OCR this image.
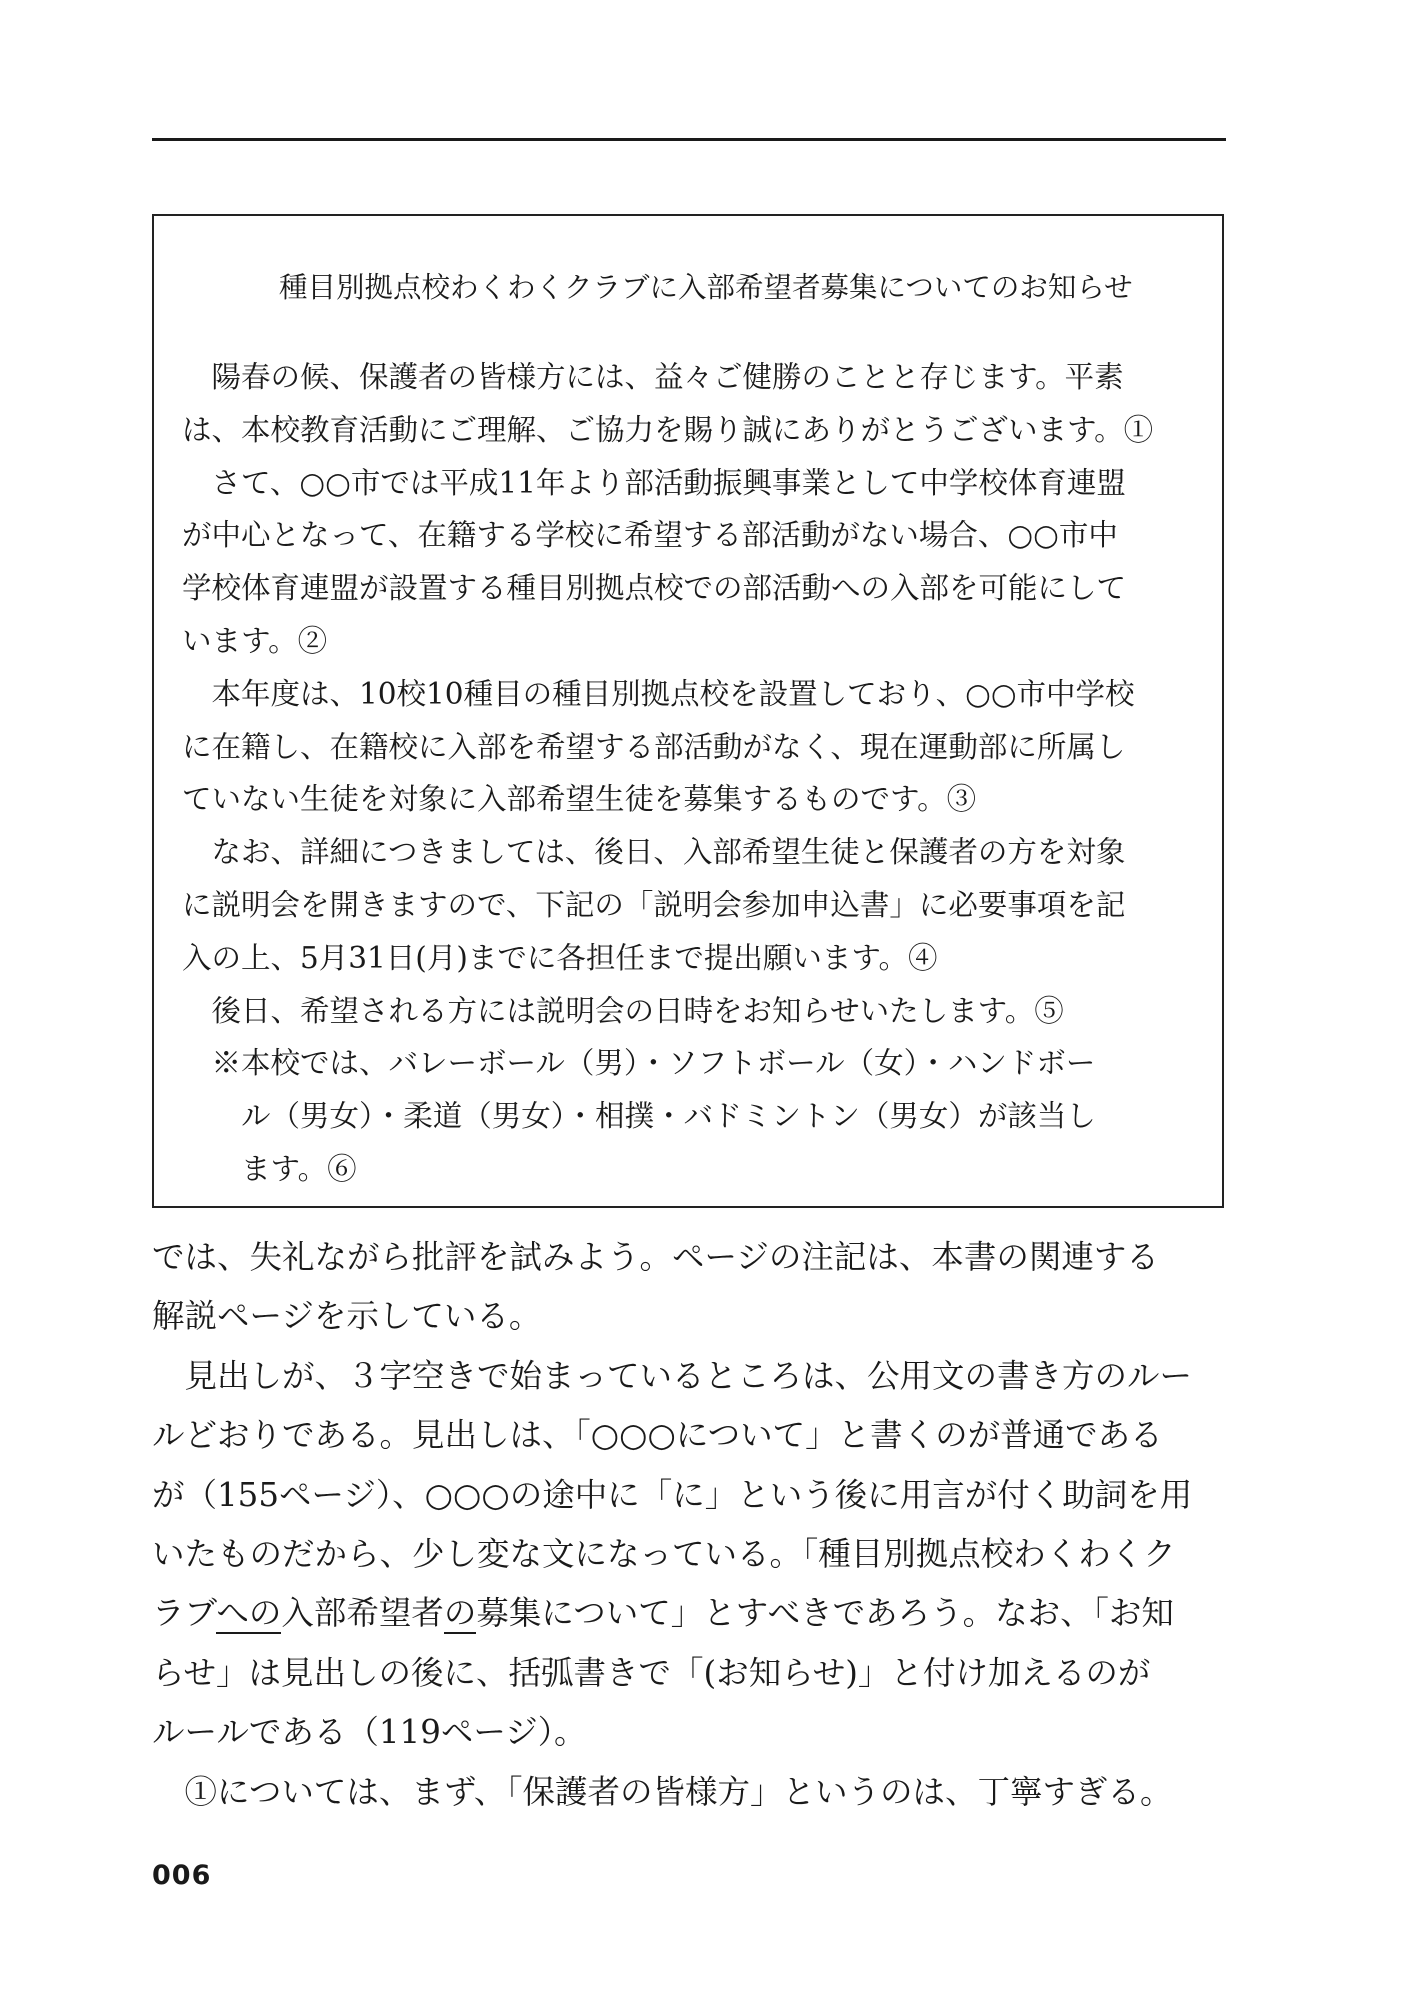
種目別拠点校わくわくクラブに入部希望者募集についてのお知らせ
　陽春の候、保護者の皆様方には、益々ご健勝のことと存じます。平素
は、本校教育活動にご理解、ご協力を賜り誠にありがとうございます。①
　さて、○○市では平成11年より部活動振興事業として中学校体育連盟
が中心となって、在籍する学校に希望する部活動がない場合、○○市中
学校体育連盟が設置する種目別拠点校での部活動への入部を可能にして
います。②
　本年度は、10校10種目の種目別拠点校を設置しており、○○市中学校
に在籍し、在籍校に入部を希望する部活動がなく、現在運動部に所属し
ていない生徒を対象に入部希望生徒を募集するものです。③
　なお、詳細につきましては、後日、入部希望生徒と保護者の方を対象
に説明会を開きますので、下記の「説明会参加申込書」に必要事項を記
入の上、5月31日(月)までに各担任まで提出願います。④
　後日、希望される方には説明会の日時をお知らせいたします。⑤
　※本校では、バレーボール（男）・ソフトボール（女）・ハンドボー
　　ル（男女）・柔道（男女）・相撲・バドミントン（男女）が該当し
　　ます。⑥
では、失礼ながら批評を試みよう。ページの注記は、本書の関連する
解説ページを示している。
　見出しが、３字空きで始まっているところは、公用文の書き方のルー
ルどおりである。見出しは、「○○○について」と書くのが普通である
が（155ページ）、○○○の途中に「に」という後に用言が付く助詞を用
いたものだから、少し変な文になっている。「種目別拠点校わくわくク
ラブへの入部希望者の募集について」とすべきであろう。なお、「お知
らせ」は見出しの後に、括弧書きで「(お知らせ)」と付け加えるのが
ルールである（119ページ）。
　①については、まず、「保護者の皆様方」というのは、丁寧すぎる。
006
